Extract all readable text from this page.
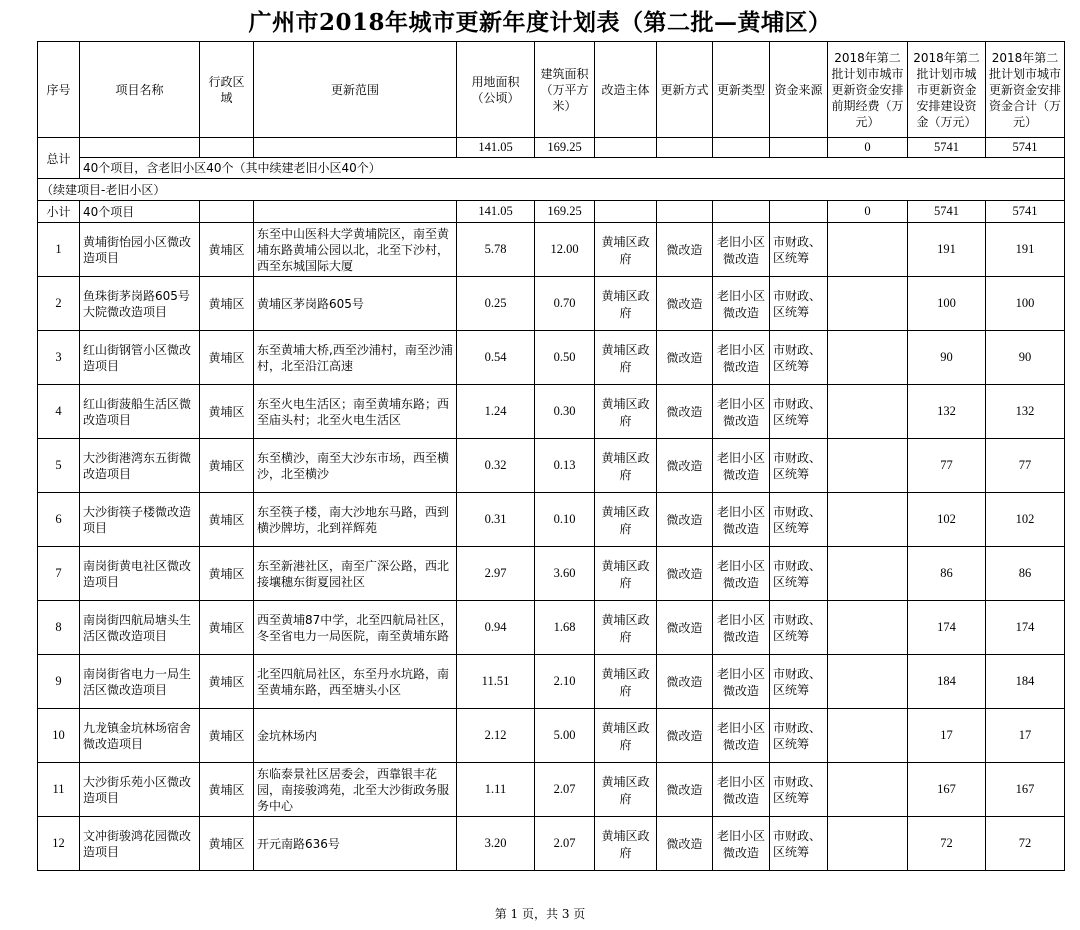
广州市2018年城市更新年度计划表（第二批—黄埔区）
序号	项目名称	行政区域	更新范围	用地面积（公顷）	建筑面积（万平方米）	改造主体	更新方式	更新类型	资金来源	2018年第二批计划市城市更新资金安排前期经费（万元）	2018年第二批计划市城市更新资金安排建设资金（万元）	2018年第二批计划市城市更新资金安排资金合计（万元）
总计				141.05	169.25					0	5741	5741
	40个项目，含老旧小区40个（其中续建老旧小区40个）											
（续建项目-老旧小区）												
小计	40个项目			141.05	169.25					0	5741	5741
1	黄埔街怡园小区微改造项目	黄埔区	东至中山医科大学黄埔院区，南至黄埔东路黄埔公园以北，北至下沙村，西至东城国际大厦	5.78	12.00	黄埔区政府	微改造	老旧小区微改造	市财政、区统筹		191	191
2	鱼珠街茅岗路605号大院微改造项目	黄埔区	黄埔区茅岗路605号	0.25	0.70	黄埔区政府	微改造	老旧小区微改造	市财政、区统筹		100	100
3	红山街钢管小区微改造项目	黄埔区	东至黄埔大桥,西至沙浦村，南至沙浦村，北至沿江高速	0.54	0.50	黄埔区政府	微改造	老旧小区微改造	市财政、区统筹		90	90
4	红山街菠船生活区微改造项目	黄埔区	东至火电生活区；南至黄埔东路；西至庙头村；北至火电生活区	1.24	0.30	黄埔区政府	微改造	老旧小区微改造	市财政、区统筹		132	132
5	大沙街港湾东五街微改造项目	黄埔区	东至横沙，南至大沙东市场，西至横沙，北至横沙	0.32	0.13	黄埔区政府	微改造	老旧小区微改造	市财政、区统筹		77	77
6	大沙街筷子楼微改造项目	黄埔区	东至筷子楼，南大沙地东马路，西到横沙牌坊，北到祥辉苑	0.31	0.10	黄埔区政府	微改造	老旧小区微改造	市财政、区统筹		102	102
7	南岗街黄电社区微改造项目	黄埔区	东至新港社区，南至广深公路，西北接壤穗东街夏园社区	2.97	3.60	黄埔区政府	微改造	老旧小区微改造	市财政、区统筹		86	86
8	南岗街四航局塘头生活区微改造项目	黄埔区	西至黄埔87中学，北至四航局社区，冬至省电力一局医院，南至黄埔东路	0.94	1.68	黄埔区政府	微改造	老旧小区微改造	市财政、区统筹		174	174
9	南岗街省电力一局生活区微改造项目	黄埔区	北至四航局社区，东至丹水坑路，南至黄埔东路，西至塘头小区	11.51	2.10	黄埔区政府	微改造	老旧小区微改造	市财政、区统筹		184	184
10	九龙镇金坑林场宿舍微改造项目	黄埔区	金坑林场内	2.12	5.00	黄埔区政府	微改造	老旧小区微改造	市财政、区统筹		17	17
11	大沙街乐苑小区微改造项目	黄埔区	东临泰景社区居委会，西靠银丰花园，南接骏鸿苑，北至大沙街政务服务中心	1.11	2.07	黄埔区政府	微改造	老旧小区微改造	市财政、区统筹		167	167
12	文冲街骏鸿花园微改造项目	黄埔区	开元南路636号	3.20	2.07	黄埔区政府	微改造	老旧小区微改造	市财政、区统筹		72	72
第 1 页，共 3 页
